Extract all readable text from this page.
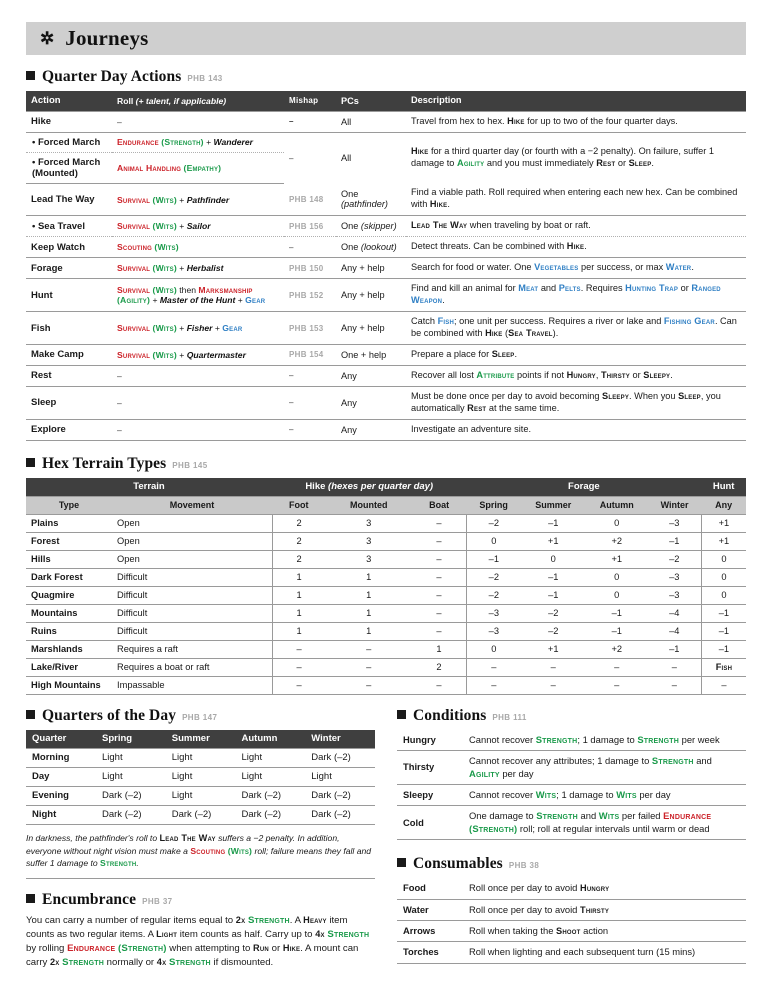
✲ Journeys
Quarter Day Actions PHB 143
Action	Roll (+ talent, if applicable)	Mishap	PCs	Description
Hike	–	–	All	Travel from hex to hex. Hike for up to two of the four quarter days.
• Forced March	Endurance (Strength) + Wanderer	–	All	Hike for a third quarter day (or fourth with a −2 penalty). On failure, suffer 1 damage to Agility and you must immediately Rest or Sleep.
• Forced March (Mounted)	Animal Handling (Empathy)			
Lead The Way	Survival (Wits) + Pathfinder	PHB 148	One (pathfinder)	Find a viable path. Roll required when entering each new hex. Can be combined with Hike.
• Sea Travel	Survival (Wits) + Sailor	PHB 156	One (skipper)	Lead The Way when traveling by boat or raft.
Keep Watch	Scouting (Wits)	–	One (lookout)	Detect threats. Can be combined with Hike.
Forage	Survival (Wits) + Herbalist	PHB 150	Any + help	Search for food or water. One Vegetables per success, or max Water.
Hunt	Survival (Wits) then Marksmanship (Agility) + Master of the Hunt + Gear	PHB 152	Any + help	Find and kill an animal for Meat and Pelts. Requires Hunting Trap or Ranged Weapon.
Fish	Survival (Wits) + Fisher + Gear	PHB 153	Any + help	Catch Fish; one unit per success. Requires a river or lake and Fishing Gear. Can be combined with Hike (Sea Travel).
Make Camp	Survival (Wits) + Quartermaster	PHB 154	One + help	Prepare a place for Sleep.
Rest	–	–	Any	Recover all lost Attribute points if not Hungry, Thirsty or Sleepy.
Sleep	–	–	Any	Must be done once per day to avoid becoming Sleepy. When you Sleep, you automatically Rest at the same time.
Explore	–	–	Any	Investigate an adventure site.
Hex Terrain Types PHB 145
Terrain		Hike (hexes per quarter day)			Forage				Hunt
Type	Movement	Foot	Mounted	Boat	Spring	Summer	Autumn	Winter	Any
Plains	Open	2	3	–	–2	–1	0	–3	+1
Forest	Open	2	3	–	0	+1	+2	–1	+1
Hills	Open	2	3	–	–1	0	+1	–2	0
Dark Forest	Difficult	1	1	–	–2	–1	0	–3	0
Quagmire	Difficult	1	1	–	–2	–1	0	–3	0
Mountains	Difficult	1	1	–	–3	–2	–1	–4	–1
Ruins	Difficult	1	1	–	–3	–2	–1	–4	–1
Marshlands	Requires a raft	–	–	1	0	+1	+2	–1	–1
Lake/River	Requires a boat or raft	–	–	2	–	–	–	–	Fish
High Mountains	Impassable	–	–	–	–	–	–	–	–
Quarters of the Day PHB 147
Quarter	Spring	Summer	Autumn	Winter
Morning	Light	Light	Light	Dark (–2)
Day	Light	Light	Light	Light
Evening	Dark (–2)	Light	Dark (–2)	Dark (–2)
Night	Dark (–2)	Dark (–2)	Dark (–2)	Dark (–2)
In darkness, the pathfinder's roll to Lead The Way suffers a −2 penalty. In addition, everyone without night vision must make a Scouting (Wits) roll; failure means they fall and suffer 1 damage to Strength.
Encumbrance PHB 37
You can carry a number of regular items equal to 2x Strength. A Heavy item counts as two regular items. A Light item counts as half. Carry up to 4x Strength by rolling Endurance (Strength) when attempting to Run or Hike. A mount can carry 2x Strength normally or 4x Strength if dismounted.
Conditions PHB 111
Hungry	Cannot recover Strength; 1 damage to Strength per week
Thirsty	Cannot recover any attributes; 1 damage to Strength and Agility per day
Sleepy	Cannot recover Wits; 1 damage to Wits per day
Cold	One damage to Strength and Wits per failed Endurance (Strength) roll; roll at regular intervals until warm or dead
Consumables PHB 38
Food	Roll once per day to avoid Hungry
Water	Roll once per day to avoid Thirsty
Arrows	Roll when taking the Shoot action
Torches	Roll when lighting and each subsequent turn (15 mins)
